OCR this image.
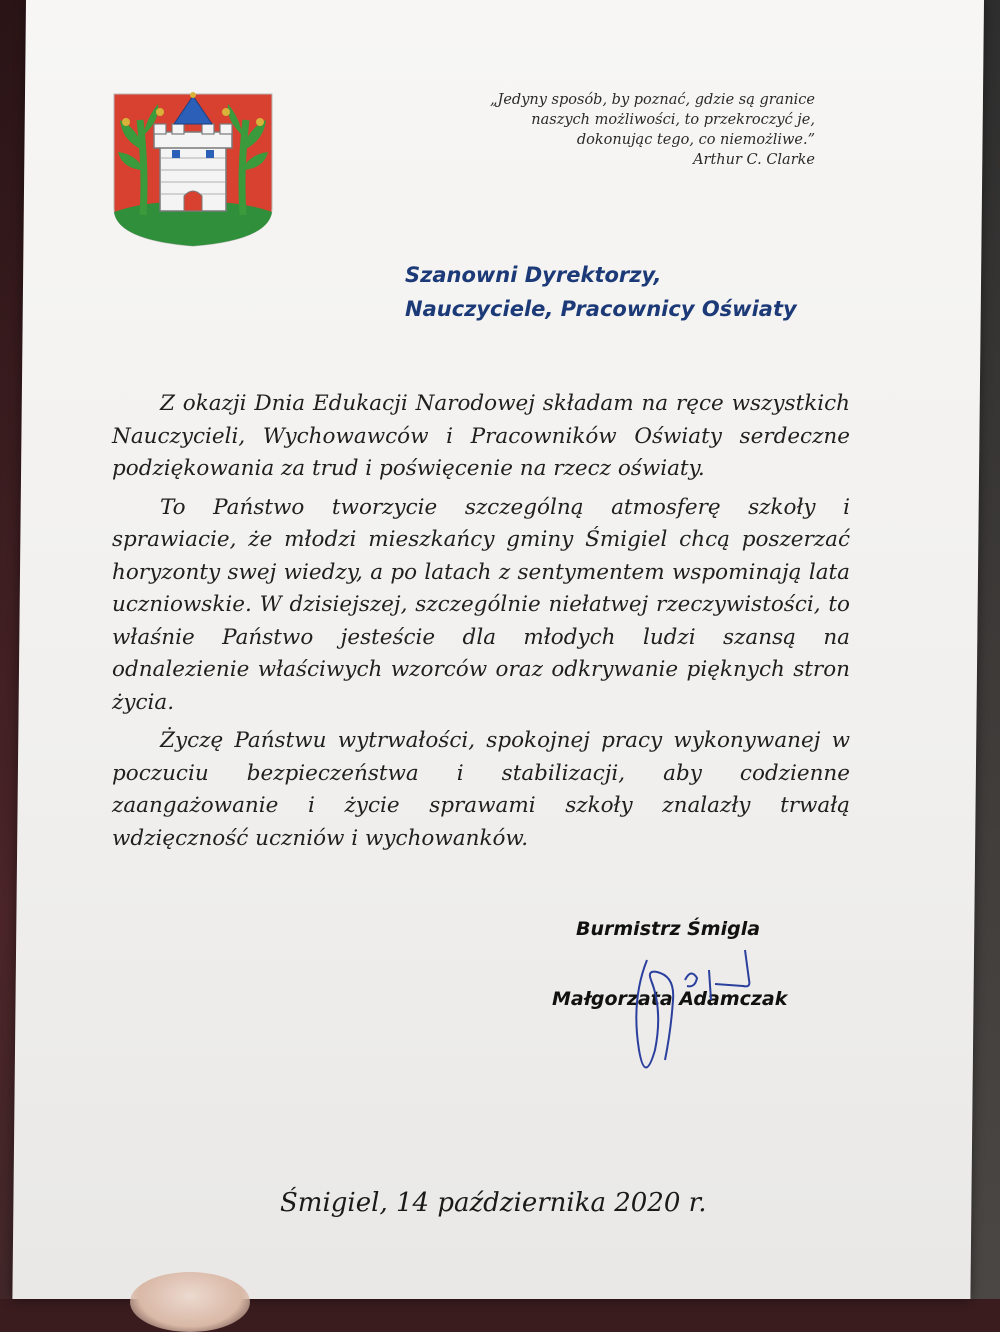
„Jedyny sposób, by poznać, gdzie są granice
naszych możliwości, to przekroczyć je,
dokonując tego, co niemożliwe.”
Arthur C. Clarke
Szanowni Dyrektorzy,
Nauczyciele, Pracownicy Oświaty

Z okazji Dnia Edukacji Narodowej składam na ręce wszystkich Nauczycieli, Wychowawców i Pracowników Oświaty serdeczne podziękowania za trud i poświęcenie na rzecz oświaty.

To Państwo tworzycie szczególną atmosferę szkoły i sprawiacie, że młodzi mieszkańcy gminy Śmigiel chcą poszerzać horyzonty swej wiedzy, a po latach z sentymentem wspominają lata uczniowskie. W dzisiejszej, szczególnie niełatwej rzeczywistości, to właśnie Państwo jesteście dla młodych ludzi szansą na odnalezienie właściwych wzorców oraz odkrywanie pięknych stron życia.

Życzę Państwu wytrwałości, spokojnej pracy wykonywanej w poczuciu bezpieczeństwa i stabilizacji, aby codzienne zaangażowanie i życie sprawami szkoły znalazły trwałą wdzięczność uczniów i wychowanków.

Burmistrz Śmigla
Małgorzata Adamczak
Śmigiel, 14 października 2020 r.
